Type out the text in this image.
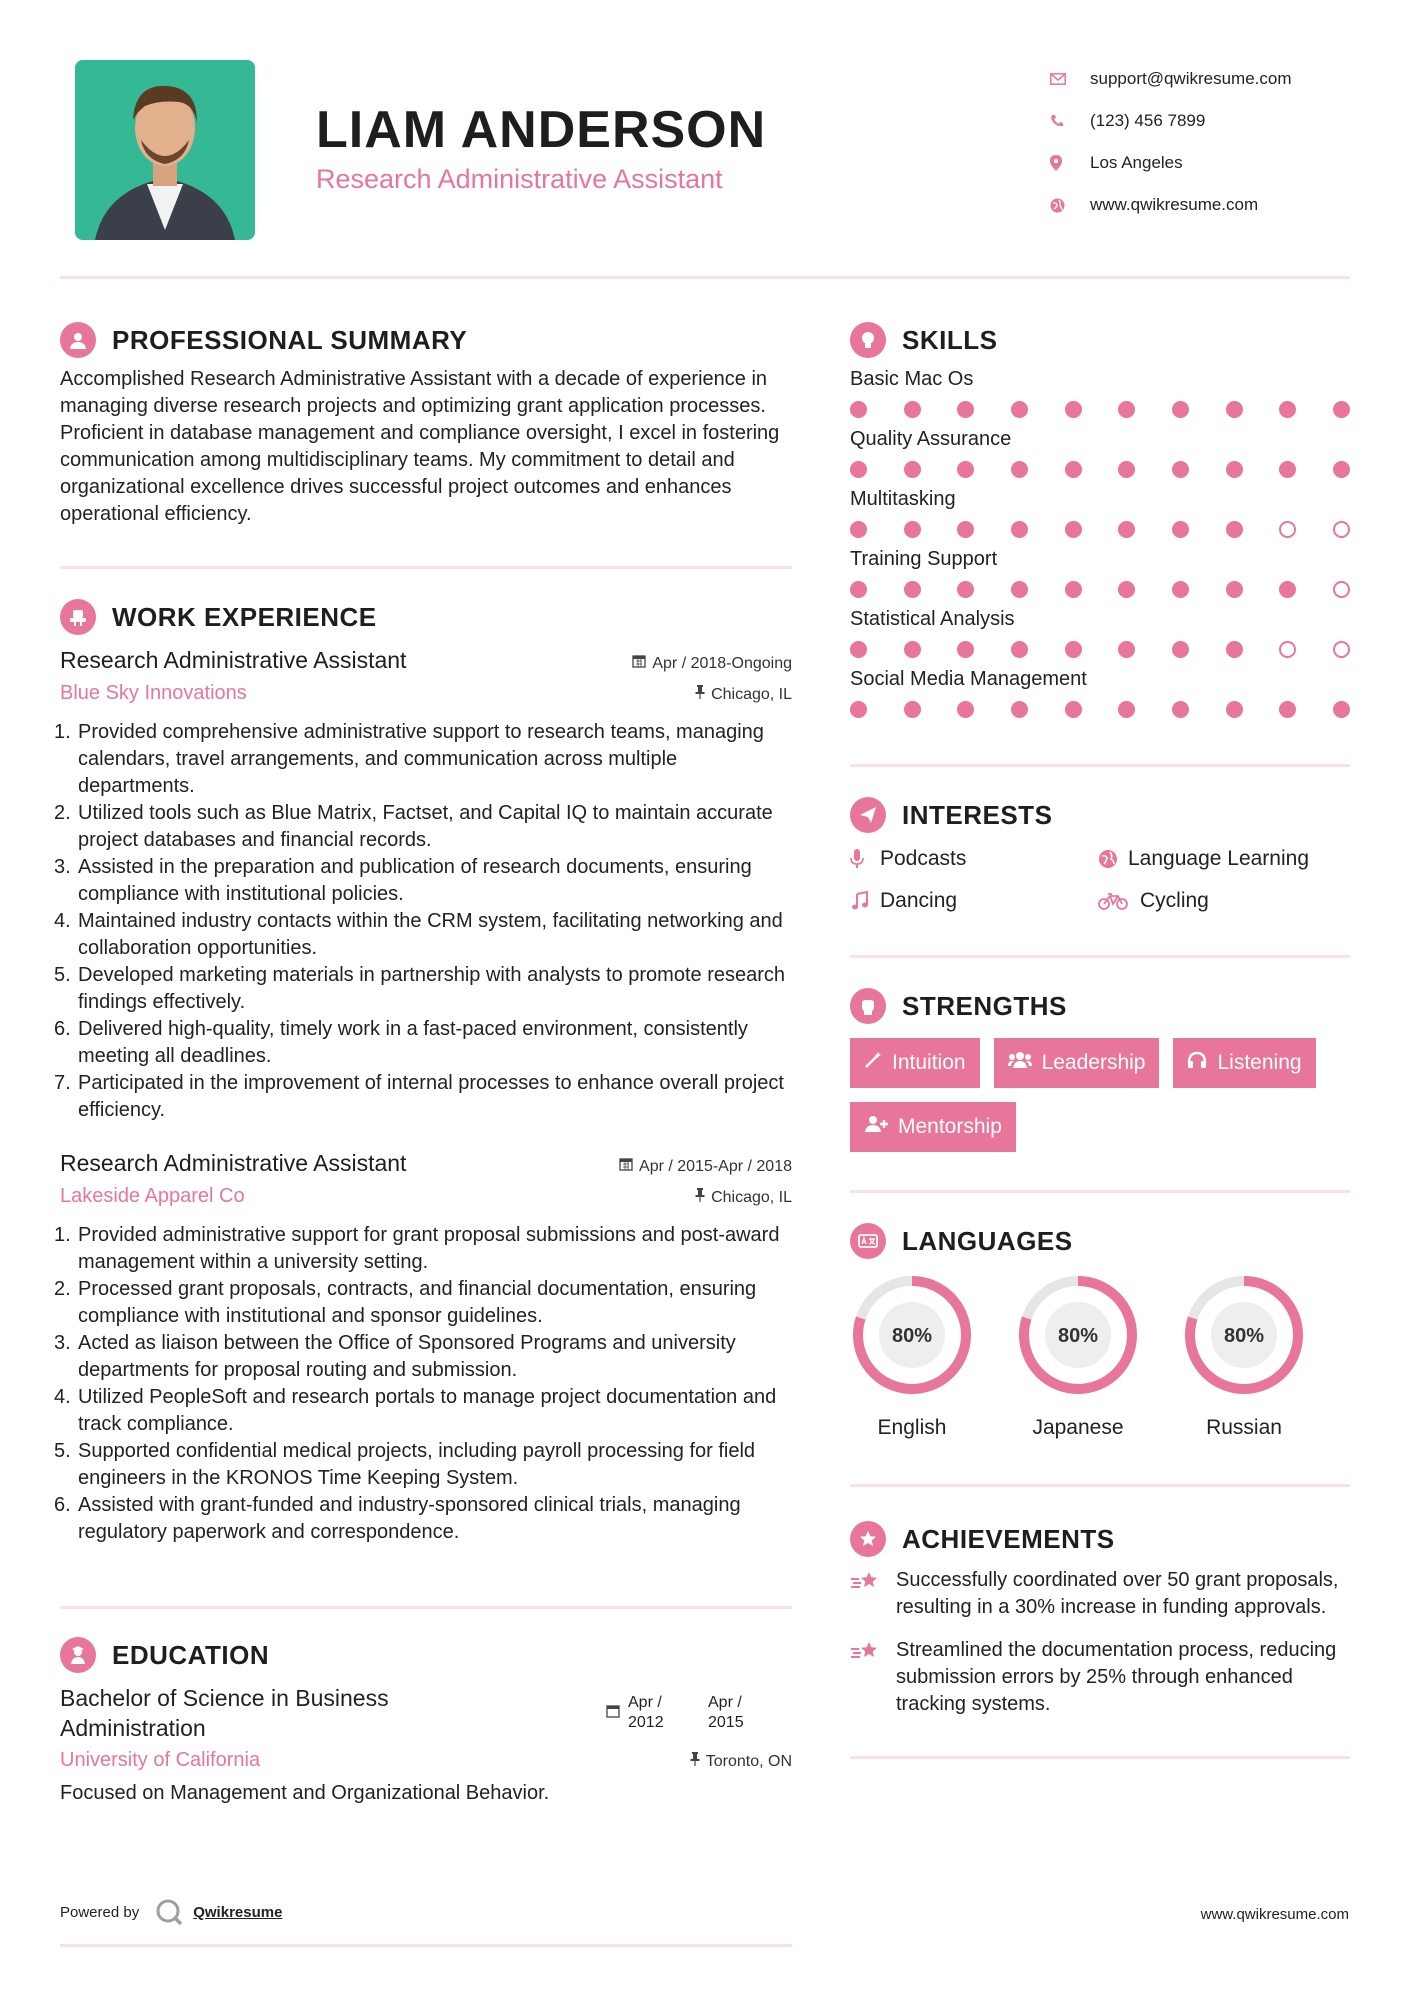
LIAM ANDERSON
Research Administrative Assistant
support@qwikresume.com
(123) 456 7899
Los Angeles
www.qwikresume.com
PROFESSIONAL SUMMARY
Accomplished Research Administrative Assistant with a decade of experience in managing diverse research projects and optimizing grant application processes. Proficient in database management and compliance oversight, I excel in fostering communication among multidisciplinary teams. My commitment to detail and organizational excellence drives successful project outcomes and enhances operational efficiency.
WORK EXPERIENCE
Research Administrative Assistant	Apr / 2018-Ongoing
Blue Sky Innovations	Chicago, IL
1. Provided comprehensive administrative support to research teams, managing calendars, travel arrangements, and communication across multiple departments.
2. Utilized tools such as Blue Matrix, Factset, and Capital IQ to maintain accurate project databases and financial records.
3. Assisted in the preparation and publication of research documents, ensuring compliance with institutional policies.
4. Maintained industry contacts within the CRM system, facilitating networking and collaboration opportunities.
5. Developed marketing materials in partnership with analysts to promote research findings effectively.
6. Delivered high-quality, timely work in a fast-paced environment, consistently meeting all deadlines.
7. Participated in the improvement of internal processes to enhance overall project efficiency.
Research Administrative Assistant	Apr / 2015-Apr / 2018
Lakeside Apparel Co	Chicago, IL
1. Provided administrative support for grant proposal submissions and post-award management within a university setting.
2. Processed grant proposals, contracts, and financial documentation, ensuring compliance with institutional and sponsor guidelines.
3. Acted as liaison between the Office of Sponsored Programs and university departments for proposal routing and submission.
4. Utilized PeopleSoft and research portals to manage project documentation and track compliance.
5. Supported confidential medical projects, including payroll processing for field engineers in the KRONOS Time Keeping System.
6. Assisted with grant-funded and industry-sponsored clinical trials, managing regulatory paperwork and correspondence.
EDUCATION
Bachelor of Science in Business Administration
Apr / 2012
Apr / 2015
University of California	Toronto, ON
Focused on Management and Organizational Behavior.
SKILLS
Basic Mac Os
Quality Assurance
Multitasking
Training Support
Statistical Analysis
Social Media Management
INTERESTS
Podcasts	Language Learning
Dancing	Cycling
STRENGTHS
Intuition	Leadership	Listening
Mentorship
LANGUAGES
80%
English
80%
Japanese
80%
Russian
ACHIEVEMENTS
Successfully coordinated over 50 grant proposals, resulting in a 30% increase in funding approvals.
Streamlined the documentation process, reducing submission errors by 25% through enhanced tracking systems.
Powered by	Qwikresume	www.qwikresume.com
